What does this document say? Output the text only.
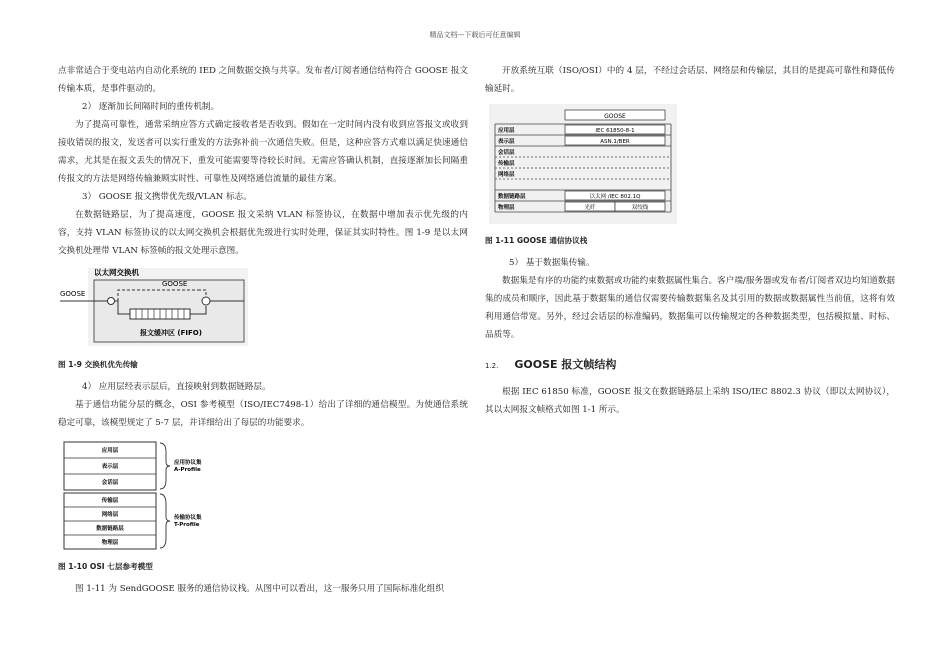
精品文档---下载后可任意编辑

点非常适合于变电站内自动化系统的 IED 之间数据交换与共享。发布者/订阅者通信结构符合 GOOSE 报文传输本质，是事件驱动的。

2） 逐渐加长间隔时间的重传机制。

为了提高可靠性，通常采纳应答方式确定接收者是否收到。假如在一定时间内没有收到应答报文或收到接收错误的报文，发送者可以实行重发的方法弥补前一次通信失败。但是，这种应答方式难以满足快速通信需求，尤其是在报文丢失的情况下，重发可能需要等待较长时间。无需应答确认机制，直接逐渐加长间隔重传报文的方法是网络传输兼顾实时性、可靠性及网络通信流量的最佳方案。

3） GOOSE 报文携带优先级/VLAN 标志。

在数据链路层，为了提高速度，GOOSE 报文采纳 VLAN 标签协议，在数据中增加表示优先级的内容，支持 VLAN 标签协议的以太网交换机会根据优先级进行实时处理，保证其实时特性。图 1-9 是以太网交换机处理带 VLAN 标签帧的报文处理示意图。

以太网交换机
GOOSE
GOOSE
报文缓冲区 (FIFO)

图 1-9 交换机优先传输

4） 应用层经表示层后，直接映射到数据链路层。

基于通信功能分层的概念，OSI 参考模型（ISO/IEC7498-1）给出了详细的通信模型。为使通信系统稳定可靠，该模型规定了 5-7 层，并详细给出了每层的功能要求。

应用层
表示层
会话层
传输层
网络层
数据链路层
物理层
应用协议集
A-Profile
传输协议集
T-Profile

图 1-10 OSI 七层参考模型

图 1-11 为 SendGOOSE 服务的通信协议栈。从图中可以看出，这一服务只用了国际标准化组织

开放系统互联（ISO/OSI）中的 4 层，不经过会话层、网络层和传输层，其目的是提高可靠性和降低传输延时。

GOOSE
应用层
表示层
会话层
传输层
网络层
数据链路层
物理层
IEC 61850-8-1
ASN.1/BER
以太网 /IEC 802.1Q
光纤	双绞线

图 1-11 GOOSE 通信协议栈

5） 基于数据集传输。

数据集是有序的功能约束数据或功能约束数据属性集合。客户端/服务器或发布者/订阅者双边均知道数据集的成员和顺序，因此基于数据集的通信仅需要传输数据集名及其引用的数据或数据属性当前值，这将有效利用通信带宽。另外，经过会话层的标准编码，数据集可以传输规定的各种数据类型，包括模拟量、时标、品质等。

1.2. GOOSE 报文帧结构

根据 IEC 61850 标准，GOOSE 报文在数据链路层上采纳 ISO/IEC 8802.3 协议（即以太网协议），其以太网报文帧格式如图 1-1 所示。
